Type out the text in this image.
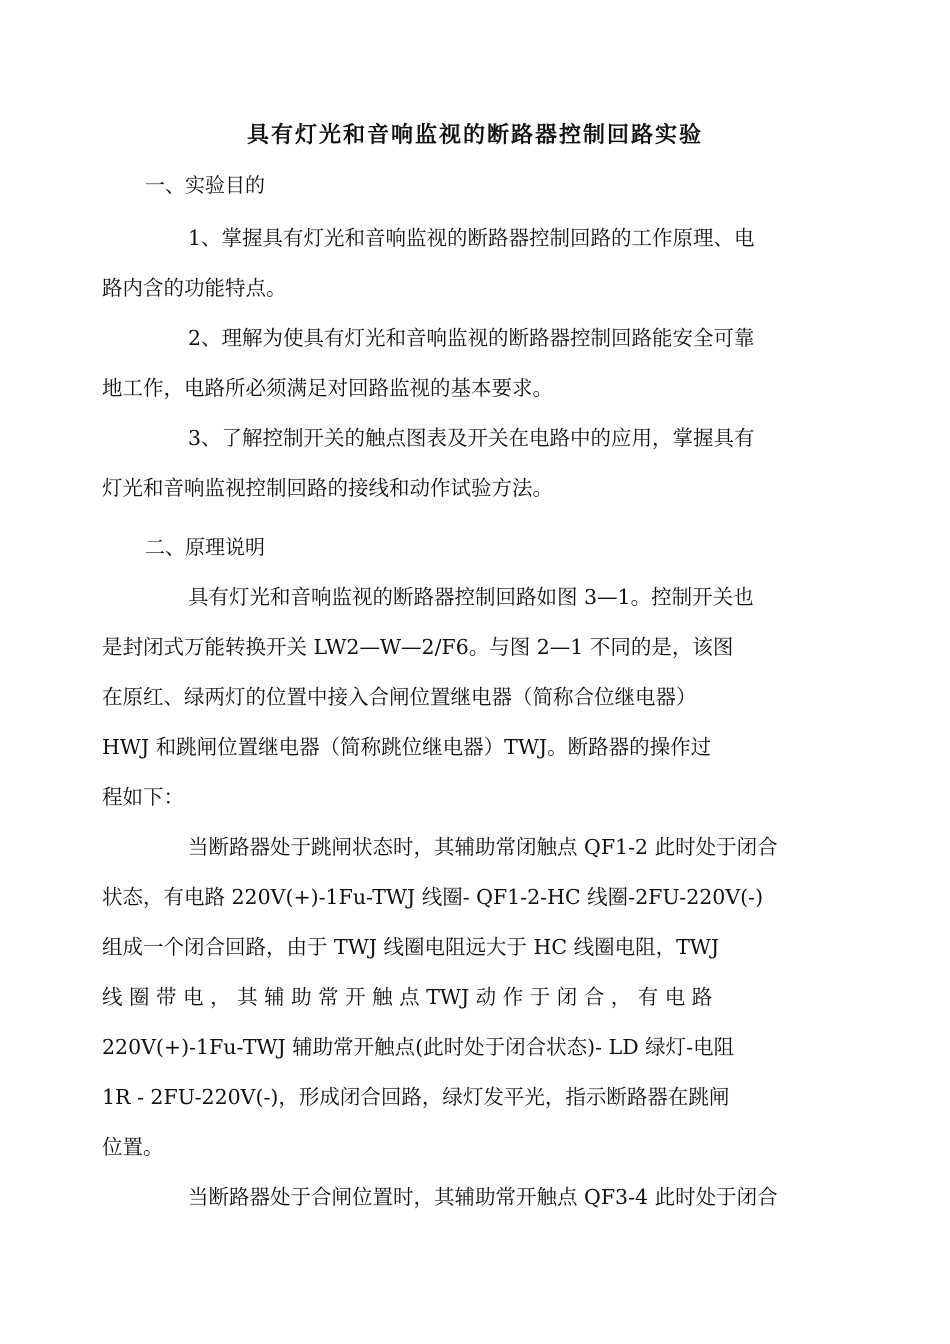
具有灯光和音响监视的断路器控制回路实验
一、实验目的

1、掌握具有灯光和音响监视的断路器控制回路的工作原理、电
路内含的功能特点。

2、理解为使具有灯光和音响监视的断路器控制回路能安全可靠
地工作，电路所必须满足对回路监视的基本要求。

3、了解控制开关的触点图表及开关在电路中的应用，掌握具有
灯光和音响监视控制回路的接线和动作试验方法。

二、原理说明

具有灯光和音响监视的断路器控制回路如图 3—1。控制开关也
是封闭式万能转换开关 LW2—W—2/F6。与图 2—1 不同的是，该图
在原红、绿两灯的位置中接入合闸位置继电器（简称合位继电器）
HWJ 和跳闸位置继电器（简称跳位继电器）TWJ。断路器的操作过
程如下：

当断路器处于跳闸状态时，其辅助常闭触点 QF1-2 此时处于闭合
状态，有电路 220V(+)-1Fu-TWJ 线圈- QF1-2-HC 线圈-2FU-220V(-)
组成一个闭合回路，由于 TWJ 线圈电阻远大于 HC 线圈电阻，TWJ
线 圈 带 电 ， 其 辅 助 常 开 触 点 TWJ 动 作 于 闭 合 ， 有 电 路
220V(+)-1Fu-TWJ 辅助常开触点(此时处于闭合状态)- LD 绿灯-电阻
1R - 2FU-220V(-)，形成闭合回路，绿灯发平光，指示断路器在跳闸
位置。

当断路器处于合闸位置时，其辅助常开触点 QF3-4 此时处于闭合
